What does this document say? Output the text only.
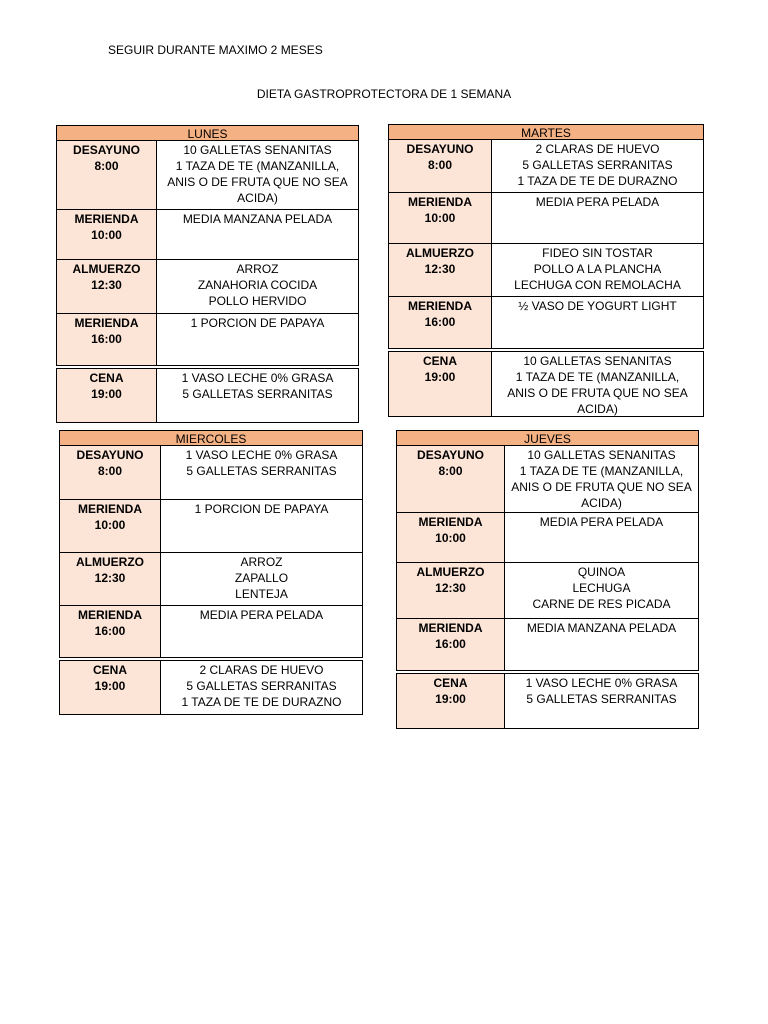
SEGUIR DURANTE MAXIMO 2 MESES
DIETA GASTROPROTECTORA DE 1 SEMANA
LUNES
DESAYUNO
8:00
10 GALLETAS SENANITAS
1 TAZA DE TE (MANZANILLA,
ANIS O DE FRUTA QUE NO SEA
ACIDA)
MERIENDA
10:00
MEDIA MANZANA PELADA
ALMUERZO
12:30
ARROZ
ZANAHORIA COCIDA
POLLO HERVIDO
MERIENDA
16:00
1 PORCION DE PAPAYA
CENA
19:00
1 VASO LECHE 0% GRASA
5 GALLETAS SERRANITAS
MARTES
DESAYUNO
8:00
2 CLARAS DE HUEVO
5 GALLETAS SERRANITAS
1 TAZA DE TE DE DURAZNO
MERIENDA
10:00
MEDIA PERA PELADA
ALMUERZO
12:30
FIDEO SIN TOSTAR
POLLO A LA PLANCHA
LECHUGA CON REMOLACHA
MERIENDA
16:00
½ VASO DE YOGURT LIGHT
CENA
19:00
10 GALLETAS SENANITAS
1 TAZA DE TE (MANZANILLA,
ANIS O DE FRUTA QUE NO SEA
ACIDA)
MIERCOLES
DESAYUNO
8:00
1 VASO LECHE 0% GRASA
5 GALLETAS SERRANITAS
MERIENDA
10:00
1 PORCION DE PAPAYA
ALMUERZO
12:30
ARROZ
ZAPALLO
LENTEJA
MERIENDA
16:00
MEDIA PERA PELADA
CENA
19:00
2 CLARAS DE HUEVO
5 GALLETAS SERRANITAS
1 TAZA DE TE DE DURAZNO
JUEVES
DESAYUNO
8:00
10 GALLETAS SENANITAS
1 TAZA DE TE (MANZANILLA,
ANIS O DE FRUTA QUE NO SEA
ACIDA)
MERIENDA
10:00
MEDIA PERA PELADA
ALMUERZO
12:30
QUINOA
LECHUGA
CARNE DE RES PICADA
MERIENDA
16:00
MEDIA MANZANA PELADA
CENA
19:00
1 VASO LECHE 0% GRASA
5 GALLETAS SERRANITAS
